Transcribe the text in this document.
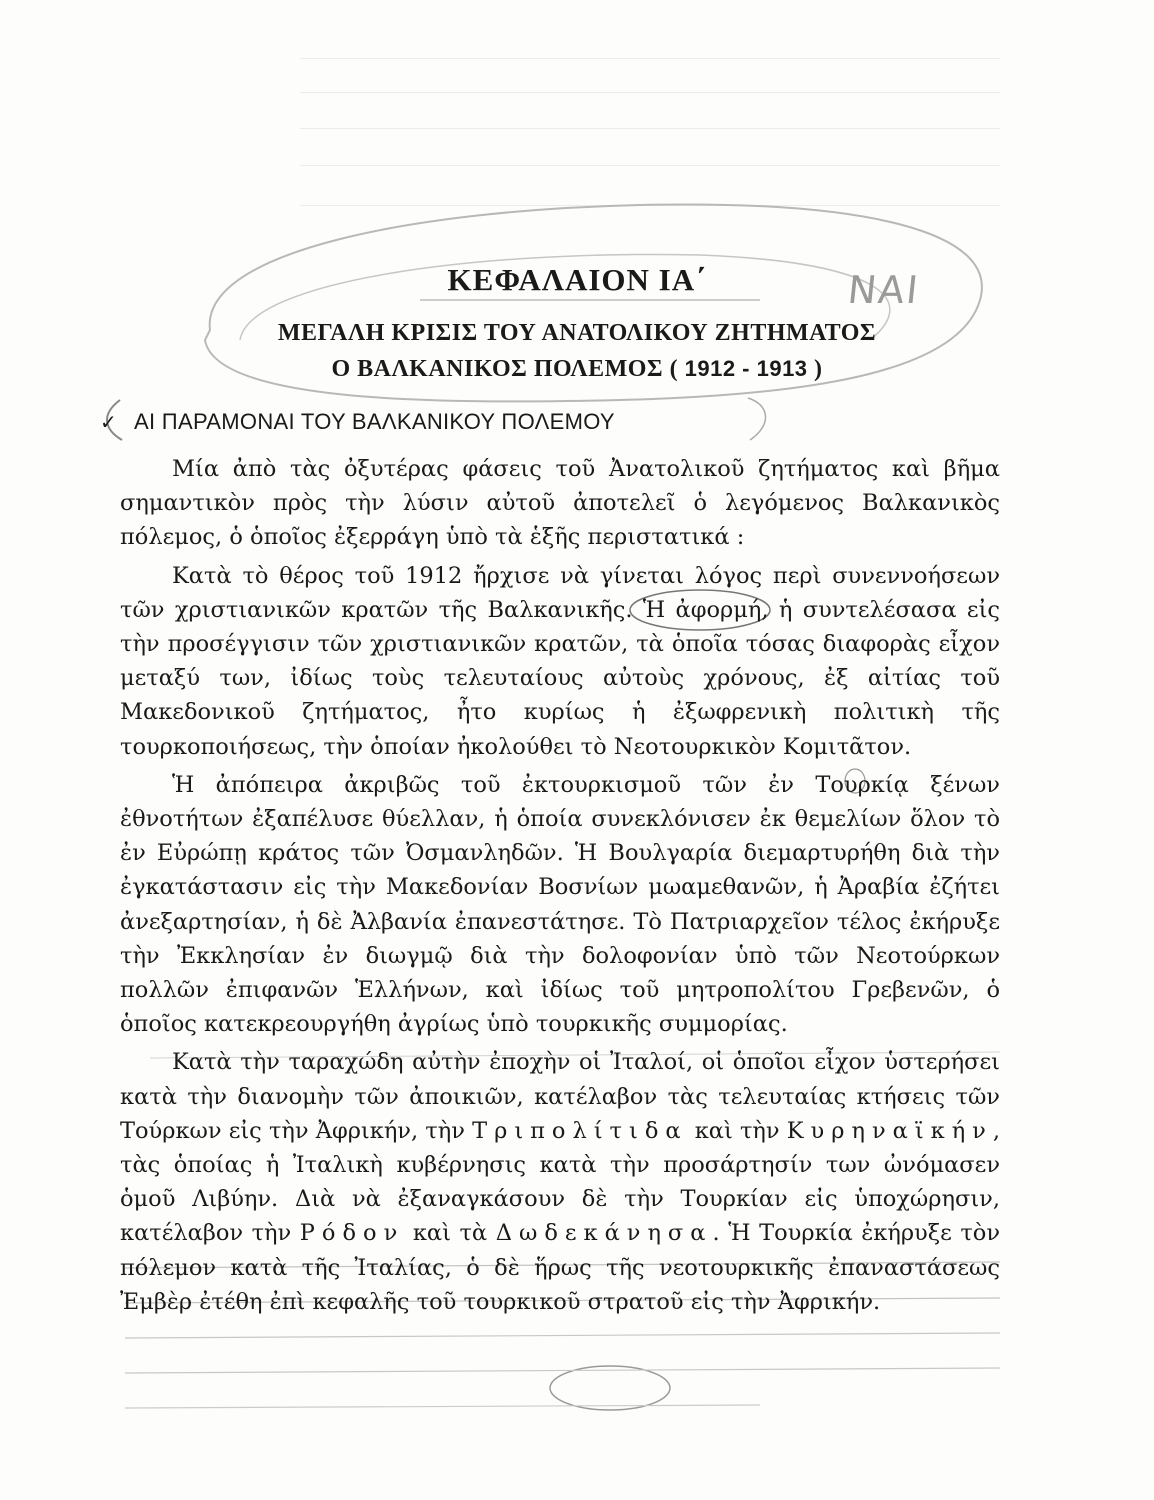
ΝΑΙ
ΚΕΦΑΛΑΙΟΝ ΙΑ΄
ΜΕΓΑΛΗ ΚΡΙΣΙΣ ΤΟΥ ΑΝΑΤΟΛΙΚΟΥ ΖΗΤΗΜΑΤΟΣ
Ο ΒΑΛΚΑΝΙΚΟΣ ΠΟΛΕΜΟΣ ( 1912 - 1913 )
✓ ΑΙ ΠΑΡΑΜΟΝΑΙ ΤΟΥ ΒΑΛΚΑΝΙΚΟΥ ΠΟΛΕΜΟΥ

Μία ἀπὸ τὰς ὀξυτέρας φάσεις τοῦ Ἀνατολικοῦ ζητήματος καὶ βῆμα σημαντικὸν πρὸς τὴν λύσιν αὐτοῦ ἀποτελεῖ ὁ λεγόμενος Βαλκανικὸς πόλεμος, ὁ ὁποῖος ἐξερράγη ὑπὸ τὰ ἑξῆς περιστατικά :

Κατὰ τὸ θέρος τοῦ 1912 ἤρχισε νὰ γίνεται λόγος περὶ συνεννοήσεων τῶν χριστιανικῶν κρατῶν τῆς Βαλκανικῆς. Ἡ ἀφορμή, ἡ συντελέσασα εἰς τὴν προσέγγισιν τῶν χριστιανικῶν κρατῶν, τὰ ὁποῖα τόσας διαφορὰς εἶχον μεταξύ των, ἰδίως τοὺς τελευταίους αὐτοὺς χρόνους, ἐξ αἰτίας τοῦ Μακεδονικοῦ ζητήματος, ἦτο κυρίως ἡ ἐξωφρενικὴ πολιτικὴ τῆς τουρκοποιήσεως, τὴν ὁποίαν ἠκολούθει τὸ Νεοτουρκικὸν Κομιτᾶτον.

Ἡ ἀπόπειρα ἀκριβῶς τοῦ ἐκτουρκισμοῦ τῶν ἐν Τουρκίᾳ ξένων ἐθνοτήτων ἐξαπέλυσε θύελλαν, ἡ ὁποία συνεκλόνισεν ἐκ θεμελίων ὅλον τὸ ἐν Εὐρώπῃ κράτος τῶν Ὀσμανληδῶν. Ἡ Βουλγαρία διεμαρτυρήθη διὰ τὴν ἐγκατάστασιν εἰς τὴν Μακεδονίαν Βοσνίων μωαμεθανῶν, ἡ Ἀραβία ἐζήτει ἀνεξαρτησίαν, ἡ δὲ Ἀλβανία ἐπανεστάτησε. Τὸ Πατριαρχεῖον τέλος ἐκήρυξε τὴν Ἐκκλησίαν ἐν διωγμῷ διὰ τὴν δολοφονίαν ὑπὸ τῶν Νεοτούρκων πολλῶν ἐπιφανῶν Ἑλλήνων, καὶ ἰδίως τοῦ μητροπολίτου Γρεβενῶν, ὁ ὁποῖος κατεκρεουργήθη ἀγρίως ὑπὸ τουρκικῆς συμμορίας.

Κατὰ τὴν ταραχώδη αὐτὴν ἐποχὴν οἱ Ἰταλοί, οἱ ὁποῖοι εἶχον ὑστερήσει κατὰ τὴν διανομὴν τῶν ἀποικιῶν, κατέλαβον τὰς τελευταίας κτήσεις τῶν Τούρκων εἰς τὴν Ἀφρικήν, τὴν Τριπολίτιδα καὶ τὴν Κυρηναϊκήν, τὰς ὁποίας ἡ Ἰταλικὴ κυβέρνησις κατὰ τὴν προσάρτησίν των ὠνόμασεν ὁμοῦ Λιβύην. Διὰ νὰ ἐξαναγκάσουν δὲ τὴν Τουρκίαν εἰς ὑποχώρησιν, κατέλαβον τὴν Ρόδον καὶ τὰ Δωδεκάνησα. Ἡ Τουρκία ἐκήρυξε τὸν πόλεμον κατὰ τῆς Ἰταλίας, ὁ δὲ ἥρως τῆς νεοτουρκικῆς ἐπαναστάσεως Ἐμβὲρ ἐτέθη ἐπὶ κεφαλῆς τοῦ τουρκικοῦ στρατοῦ εἰς τὴν Ἀφρικήν.
